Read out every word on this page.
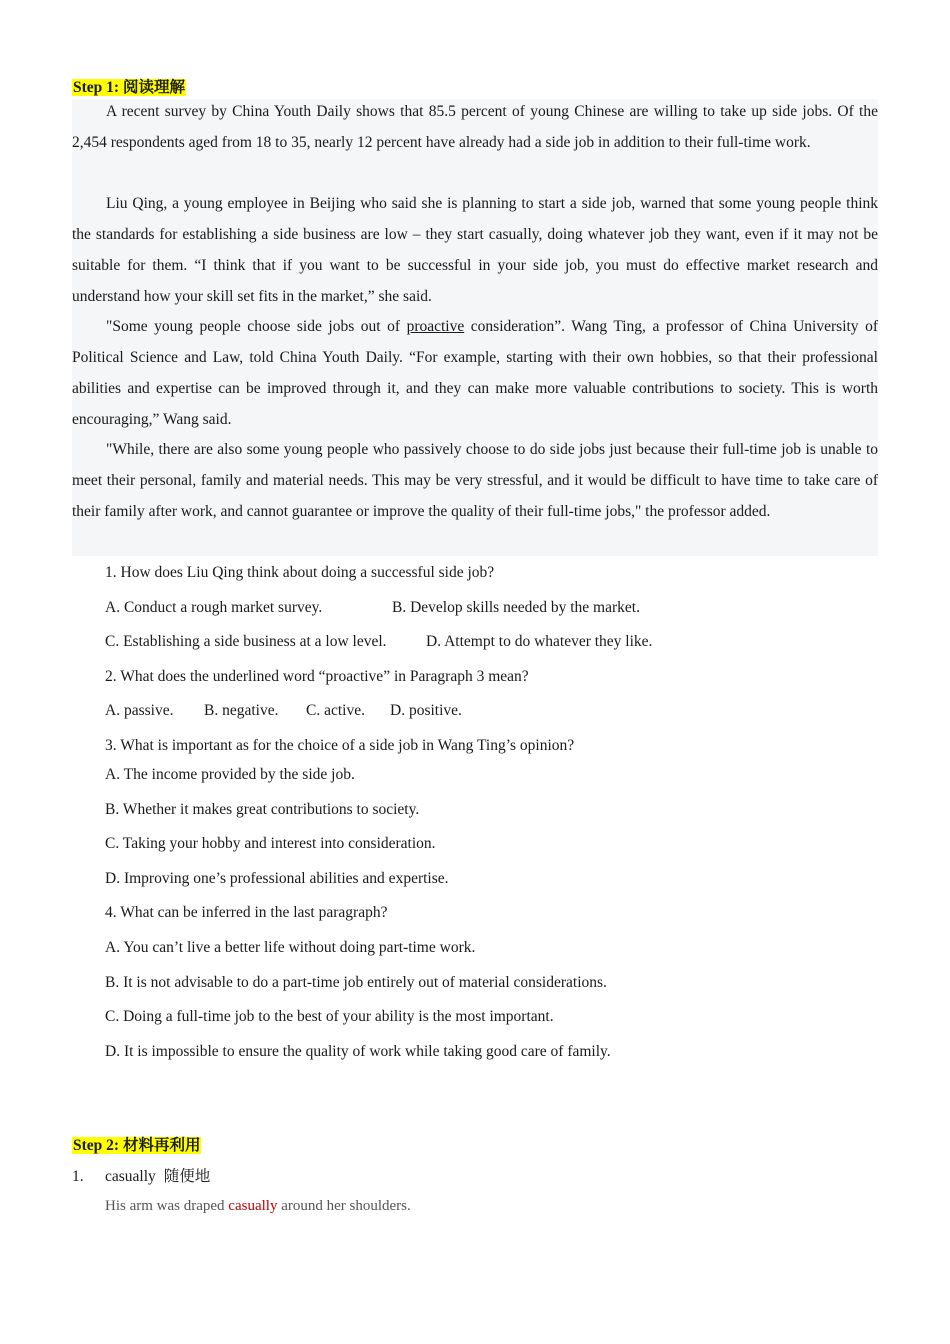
Step 1: 阅读理解

A recent survey by China Youth Daily shows that 85.5 percent of young Chinese are willing to take up side jobs. Of the 2,454 respondents aged from 18 to 35, nearly 12 percent have already had a side job in addition to their full-time work.

Liu Qing, a young employee in Beijing who said she is planning to start a side job, warned that some young people think the standards for establishing a side business are low – they start casually, doing whatever job they want, even if it may not be suitable for them. “I think that if you want to be successful in your side job, you must do effective market research and understand how your skill set fits in the market,” she said.

"Some young people choose side jobs out of proactive consideration”. Wang Ting, a professor of China University of Political Science and Law, told China Youth Daily. “For example, starting with their own hobbies, so that their professional abilities and expertise can be improved through it, and they can make more valuable contributions to society. This is worth encouraging,” Wang said.

"While, there are also some young people who passively choose to do side jobs just because their full-time job is unable to meet their personal, family and material needs. This may be very stressful, and it would be difficult to have time to take care of their family after work, and cannot guarantee or improve the quality of their full-time jobs," the professor added.

1. How does Liu Qing think about doing a successful side job?
A. Conduct a rough market survey.	B. Develop skills needed by the market.
C. Establishing a side business at a low level.	D. Attempt to do whatever they like.
2. What does the underlined word “proactive” in Paragraph 3 mean?
A. passive. B. negative. C. active. D. positive.
3. What is important as for the choice of a side job in Wang Ting’s opinion?
A. The income provided by the side job.
B. Whether it makes great contributions to society.
C. Taking your hobby and interest into consideration.
D. Improving one’s professional abilities and expertise.
4. What can be inferred in the last paragraph?
A. You can’t live a better life without doing part-time work.
B. It is not advisable to do a part-time job entirely out of material considerations.
C. Doing a full-time job to the best of your ability is the most important.
D. It is impossible to ensure the quality of work while taking good care of family.
Step 2: 材料再利用
1. casually 随便地
His arm was draped casually around her shoulders.
